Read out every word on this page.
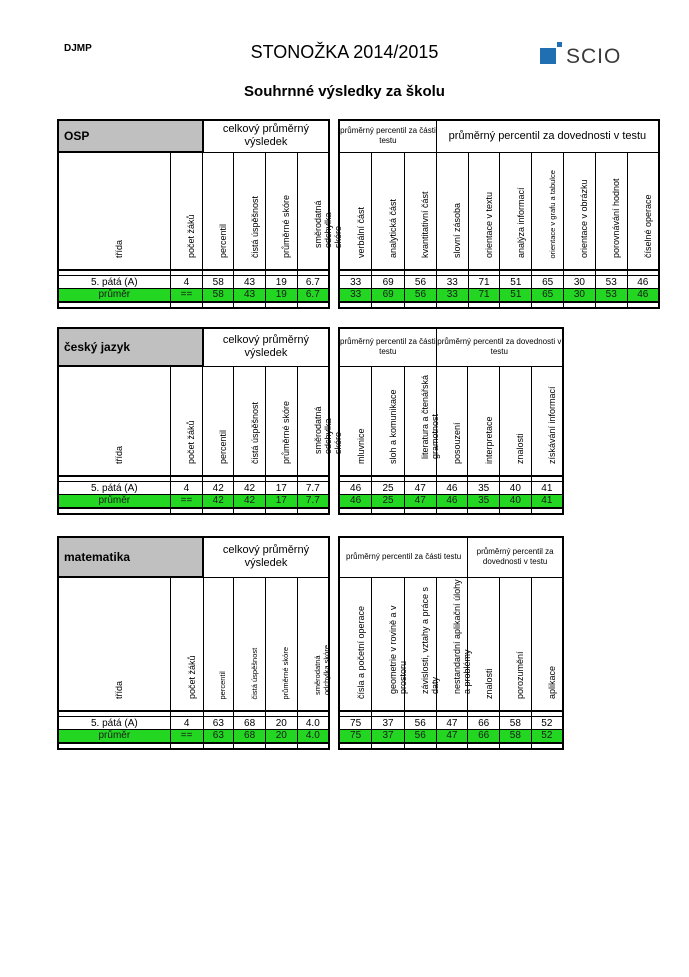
DJMP	STONOŽKA 2014/2015	SCIO
Souhrnné výsledky za školu
OSP		celkový průměrný výsledek			

třída	počet žáků	percentil	čistá úspěšnost	průměrné skóre	směrodatná odchylka skóre

5. pátá (A)	4	58	43	19	6.7
průměr	==	58	43	19	6.7

průměrný percentil za části testu			průměrný percentil za dovednosti v testu						

verbální část	analytická část	kvantitativní část	slovní zásoba	orientace v textu	analýza informací	orientace v grafu a tabulce	orientace v obrázku	porovnávání hodnot	číselné operace

33	69	56	33	71	51	65	30	53	46
33	69	56	33	71	51	65	30	53	46

český jazyk		celkový průměrný výsledek			

třída	počet žáků	percentil	čistá úspěšnost	průměrné skóre	směrodatná odchylka skóre

5. pátá (A)	4	42	42	17	7.7
průměr	==	42	42	17	7.7

průměrný percentil za části testu			průměrný percentil za dovednosti v testu			

mluvnice	sloh a komunikace	literatura a čtenářská gramotnost	posouzení	interpretace	znalosti	získávání informací

46	25	47	46	35	40	41
46	25	47	46	35	40	41

matematika		celkový průměrný výsledek			

třída	počet žáků	percentil	čistá úspěšnost	průměrné skóre	směrodatná odchylka skóre

5. pátá (A)	4	63	68	20	4.0
průměr	==	63	68	20	4.0

průměrný percentil za části testu				průměrný percentil za dovednosti v testu		

čísla a početní operace	geometrie v rovině a v prostoru	závislosti, vztahy a práce s daty	nestandardní aplikační úlohy a problémy	znalosti	porozumění	aplikace

75	37	56	47	66	58	52
75	37	56	47	66	58	52
